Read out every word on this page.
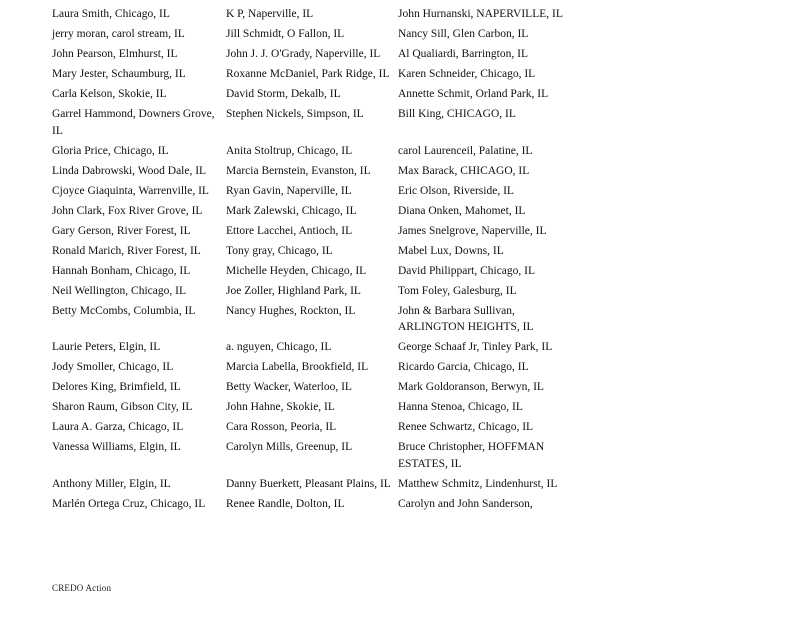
Laura Smith, Chicago, IL	K P, Naperville, IL	John Hurnanski, NAPERVILLE, IL
jerry moran, carol stream, IL	Jill Schmidt, O Fallon, IL	Nancy Sill, Glen Carbon, IL
John Pearson, Elmhurst, IL	John J. J. O'Grady, Naperville, IL	Al Qualiardi, Barrington, IL
Mary Jester, Schaumburg, IL	Roxanne McDaniel, Park Ridge, IL	Karen Schneider, Chicago, IL
Carla Kelson, Skokie, IL	David Storm, Dekalb, IL	Annette Schmit, Orland Park, IL
Garrel Hammond, Downers Grove, IL	Stephen Nickels, Simpson, IL	Bill King, CHICAGO, IL
Gloria Price, Chicago, IL	Anita Stoltrup, Chicago, IL	carol Laurenceil, Palatine, IL
Linda Dabrowski, Wood Dale, IL	Marcia Bernstein, Evanston, IL	Max Barack, CHICAGO, IL
Cjoyce Giaquinta, Warrenville, IL	Ryan Gavin, Naperville, IL	Eric Olson, Riverside, IL
John Clark, Fox River Grove, IL	Mark Zalewski, Chicago, IL	Diana Onken, Mahomet, IL
Gary Gerson, River Forest, IL	Ettore Lacchei, Antioch, IL	James Snelgrove, Naperville, IL
Ronald Marich, River Forest, IL	Tony gray, Chicago, IL	Mabel Lux, Downs, IL
Hannah Bonham, Chicago, IL	Michelle Heyden, Chicago, IL	David Philippart, Chicago, IL
Neil Wellington, Chicago, IL	Joe Zoller, Highland Park, IL	Tom Foley, Galesburg, IL
Betty McCombs, Columbia, IL	Nancy Hughes, Rockton, IL	John & Barbara Sullivan, ARLINGTON HEIGHTS, IL
Laurie Peters, Elgin, IL	a. nguyen, Chicago, IL	George Schaaf Jr, Tinley Park, IL
Jody Smoller, Chicago, IL	Marcia Labella, Brookfield, IL	Ricardo Garcia, Chicago, IL
Delores King, Brimfield, IL	Betty Wacker, Waterloo, IL	Mark Goldoranson, Berwyn, IL
Sharon Raum, Gibson City, IL	John Hahne, Skokie, IL	Hanna Stenoa, Chicago, IL
Laura A. Garza, Chicago, IL	Cara Rosson, Peoria, IL	Renee Schwartz, Chicago, IL
Vanessa Williams, Elgin, IL	Carolyn Mills, Greenup, IL	Bruce Christopher, HOFFMAN ESTATES, IL
Anthony Miller, Elgin, IL	Danny Buerkett, Pleasant Plains, IL	Matthew Schmitz, Lindenhurst, IL
Marlén Ortega Cruz, Chicago, IL	Renee Randle, Dolton, IL	Carolyn and John Sanderson,
CREDO Action
